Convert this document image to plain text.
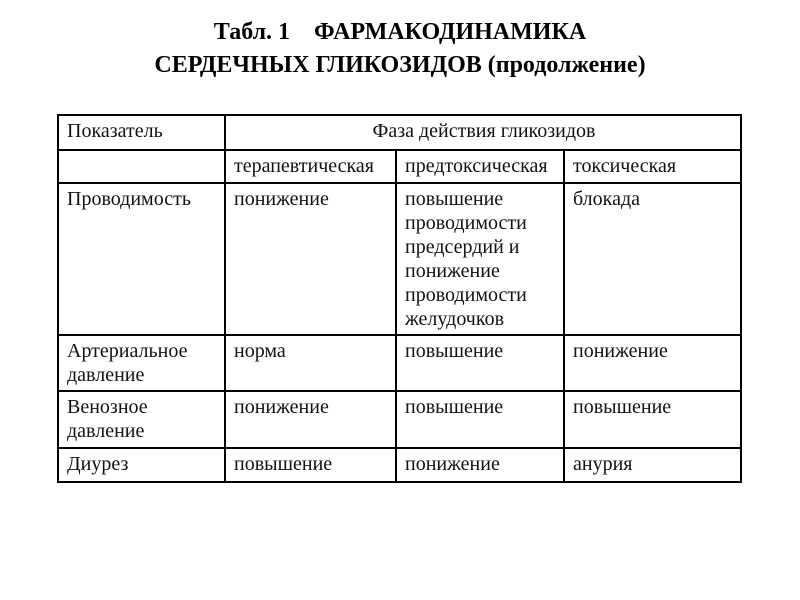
Табл. 1    ФАРМАКОДИНАМИКА
СЕРДЕЧНЫХ ГЛИКОЗИДОВ (продолжение)
Показатель	Фаза действия гликозидов		
	терапевтическая	предтоксическая	токсическая
Проводимость	понижение	повышение проводимости предсердий и понижение проводимости желудочков	блокада
Артериальное давление	норма	повышение	понижение
Венозное давление	понижение	повышение	повышение
Диурез	повышение	понижение	анурия
